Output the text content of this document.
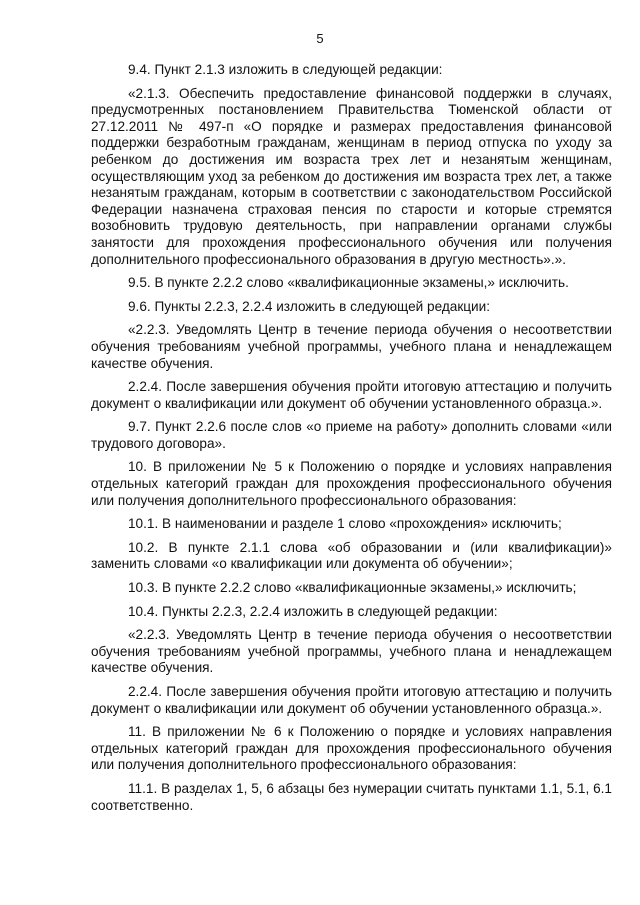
5

9.4. Пункт 2.1.3 изложить в следующей редакции:

«2.1.3. Обеспечить предоставление финансовой поддержки в случаях, предусмотренных постановлением Правительства Тюменской области от 27.12.2011 № 497-п «О порядке и размерах предоставления финансовой поддержки безработным гражданам, женщинам в период отпуска по уходу за ребенком до достижения им возраста трех лет и незанятым женщинам, осуществляющим уход за ребенком до достижения им возраста трех лет, а также незанятым гражданам, которым в соответствии с законодательством Российской Федерации назначена страховая пенсия по старости и которые стремятся возобновить трудовую деятельность, при направлении органами службы занятости для прохождения профессионального обучения или получения дополнительного профессионального образования в другую местность».».

9.5. В пункте 2.2.2 слово «квалификационные экзамены,» исключить.

9.6. Пункты 2.2.3, 2.2.4 изложить в следующей редакции:

«2.2.3. Уведомлять Центр в течение периода обучения о несоответствии обучения требованиям учебной программы, учебного плана и ненадлежащем качестве обучения.

2.2.4. После завершения обучения пройти итоговую аттестацию и получить документ о квалификации или документ об обучении установленного образца.».

9.7. Пункт 2.2.6 после слов «о приеме на работу» дополнить словами «или трудового договора».

10. В приложении № 5 к Положению о порядке и условиях направления отдельных категорий граждан для прохождения профессионального обучения или получения дополнительного профессионального образования:

10.1. В наименовании и разделе 1 слово «прохождения» исключить;

10.2. В пункте 2.1.1 слова «об образовании и (или квалификации)» заменить словами «о квалификации или документа об обучении»;

10.3. В пункте 2.2.2 слово «квалификационные экзамены,» исключить;

10.4. Пункты 2.2.3, 2.2.4 изложить в следующей редакции:

«2.2.3. Уведомлять Центр в течение периода обучения о несоответствии обучения требованиям учебной программы, учебного плана и ненадлежащем качестве обучения.

2.2.4. После завершения обучения пройти итоговую аттестацию и получить документ о квалификации или документ об обучении установленного образца.».

11. В приложении № 6 к Положению о порядке и условиях направления отдельных категорий граждан для прохождения профессионального обучения или получения дополнительного профессионального образования:

11.1. В разделах 1, 5, 6 абзацы без нумерации считать пунктами 1.1, 5.1, 6.1 соответственно.
